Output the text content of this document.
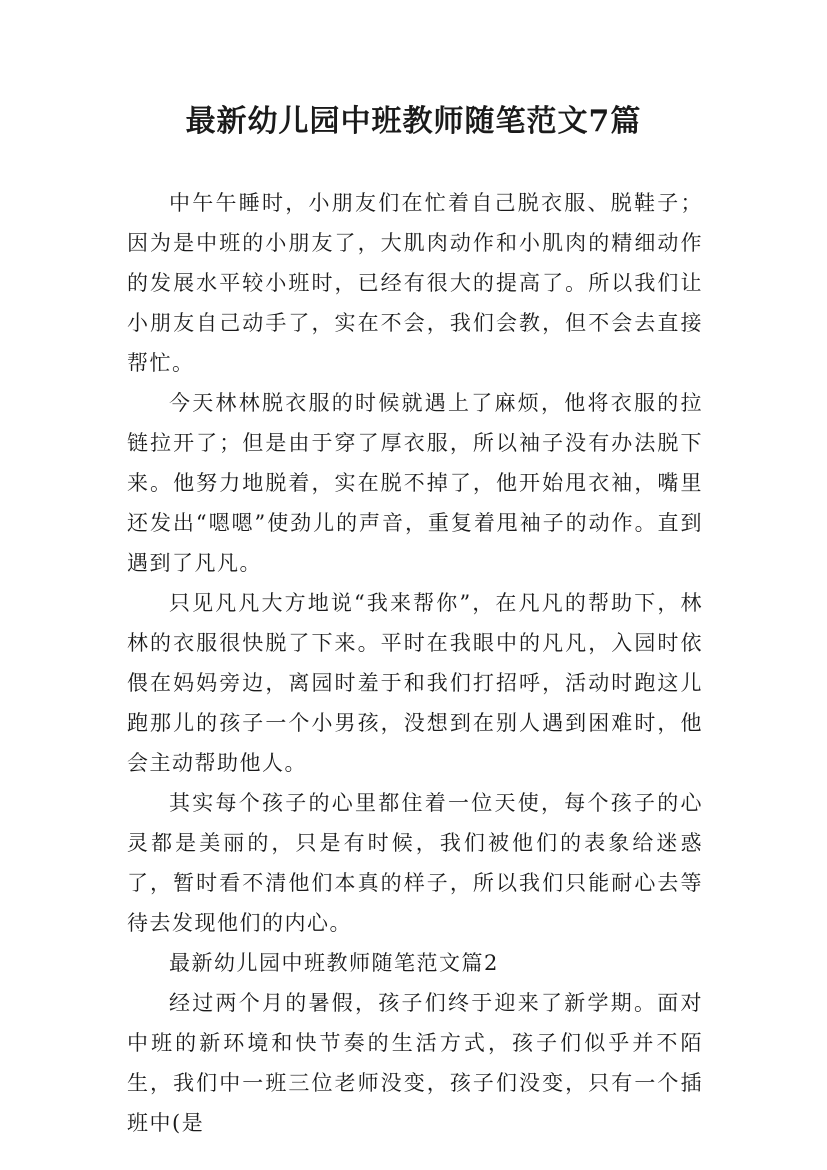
最新幼儿园中班教师随笔范文7篇

中午午睡时，小朋友们在忙着自己脱衣服、脱鞋子；因为是中班的小朋友了，大肌肉动作和小肌肉的精细动作的发展水平较小班时，已经有很大的提高了。所以我们让小朋友自己动手了，实在不会，我们会教，但不会去直接帮忙。

今天林林脱衣服的时候就遇上了麻烦，他将衣服的拉链拉开了；但是由于穿了厚衣服，所以袖子没有办法脱下来。他努力地脱着，实在脱不掉了，他开始甩衣袖，嘴里还发出“嗯嗯”使劲儿的声音，重复着甩袖子的动作。直到遇到了凡凡。

只见凡凡大方地说“我来帮你”，在凡凡的帮助下，林林的衣服很快脱了下来。平时在我眼中的凡凡，入园时依偎在妈妈旁边，离园时羞于和我们打招呼，活动时跑这儿跑那儿的孩子一个小男孩，没想到在别人遇到困难时，他会主动帮助他人。

其实每个孩子的心里都住着一位天使，每个孩子的心灵都是美丽的，只是有时候，我们被他们的表象给迷惑了，暂时看不清他们本真的样子，所以我们只能耐心去等待去发现他们的内心。

最新幼儿园中班教师随笔范文篇2

经过两个月的暑假，孩子们终于迎来了新学期。面对中班的新环境和快节奏的生活方式，孩子们似乎并不陌生，我们中一班三位老师没变，孩子们没变，只有一个插班中(是
